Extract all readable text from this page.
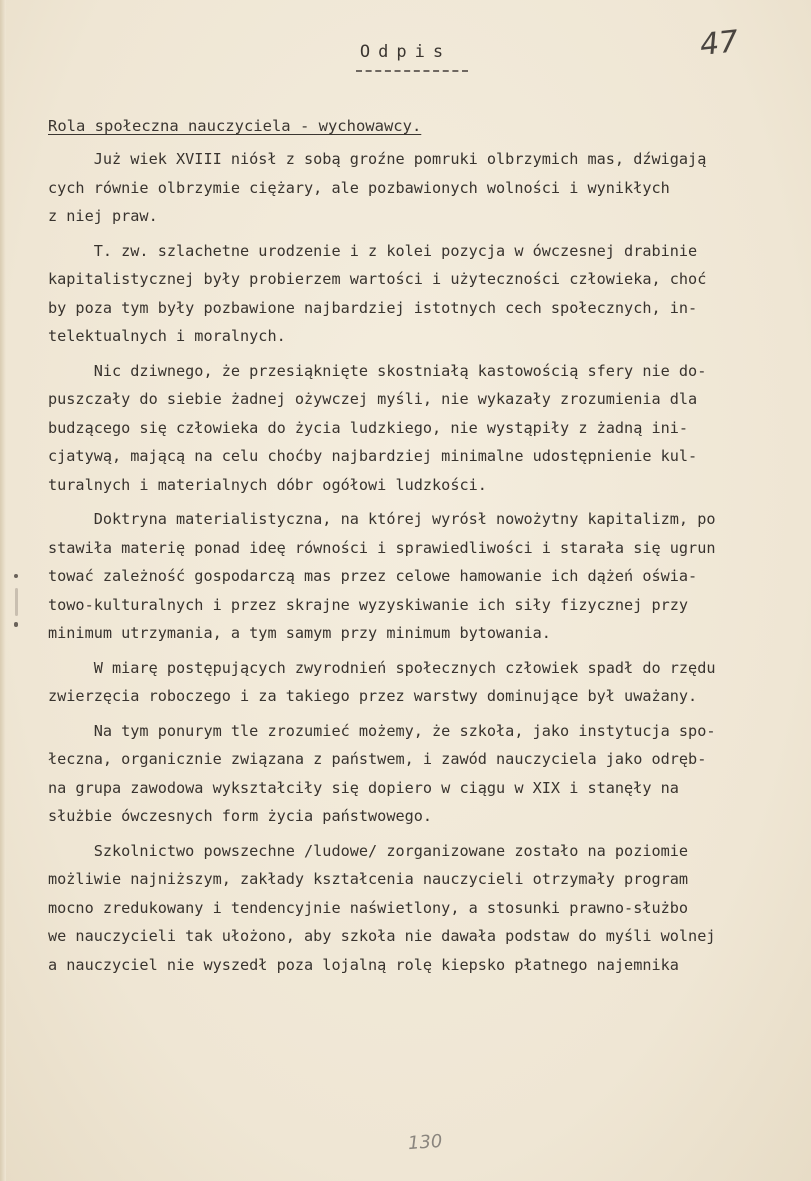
Odpis	47
Rola społeczna nauczyciela - wychowawcy.
Już wiek XVIII niósł z sobą groźne pomruki olbrzymich mas, dźwigają
cych równie olbrzymie ciężary, ale pozbawionych wolności i wynikłych
z niej praw.
T. zw. szlachetne urodzenie i z kolei pozycja w ówczesnej drabinie
kapitalistycznej były probierzem wartości i użyteczności człowieka, choć
by poza tym były pozbawione najbardziej istotnych cech społecznych, in-
telektualnych i moralnych.
Nic dziwnego, że przesiąknięte skostniałą kastowością sfery nie do-
puszczały do siebie żadnej ożywczej myśli, nie wykazały zrozumienia dla
budzącego się człowieka do życia ludzkiego, nie wystąpiły z żadną ini-
cjatywą, mającą na celu choćby najbardziej minimalne udostępnienie kul-
turalnych i materialnych dóbr ogółowi ludzkości.
Doktryna materialistyczna, na której wyrósł nowożytny kapitalizm, po
stawiła materię ponad ideę równości i sprawiedliwości i starała się ugrun
tować zależność gospodarczą mas przez celowe hamowanie ich dążeń oświa-
towo-kulturalnych i przez skrajne wyzyskiwanie ich siły fizycznej przy
minimum utrzymania, a tym samym przy minimum bytowania.
W miarę postępujących zwyrodnień społecznych człowiek spadł do rzędu
zwierzęcia roboczego i za takiego przez warstwy dominujące był uważany.
Na tym ponurym tle zrozumieć możemy, że szkoła, jako instytucja spo-
łeczna, organicznie związana z państwem, i zawód nauczyciela jako odręb-
na grupa zawodowa wykształciły się dopiero w ciągu w XIX i stanęły na
służbie ówczesnych form życia państwowego.
Szkolnictwo powszechne /ludowe/ zorganizowane zostało na poziomie
możliwie najniższym, zakłady kształcenia nauczycieli otrzymały program
mocno zredukowany i tendencyjnie naświetlony, a stosunki prawno-służbo
we nauczycieli tak ułożono, aby szkoła nie dawała podstaw do myśli wolnej
a nauczyciel nie wyszedł poza lojalną rolę kiepsko płatnego najemnika
130
